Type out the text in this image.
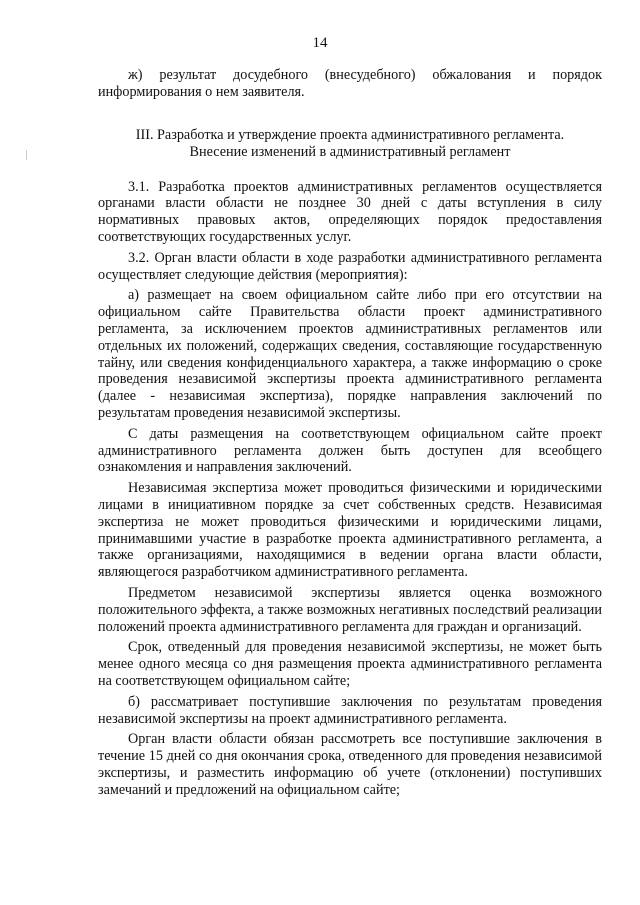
14

ж) результат досудебного (внесудебного) обжалования и порядок информирования о нем заявителя.

III. Разработка и утверждение проекта административного регламента. Внесение изменений в административный регламент

3.1. Разработка проектов административных регламентов осуществляется органами власти области не позднее 30 дней с даты вступления в силу нормативных правовых актов, определяющих порядок предоставления соответствующих государственных услуг.

3.2. Орган власти области в ходе разработки административного регламента осуществляет следующие действия (мероприятия):

а) размещает на своем официальном сайте либо при его отсутствии на официальном сайте Правительства области проект административного регламента, за исключением проектов административных регламентов или отдельных их положений, содержащих сведения, составляющие государственную тайну, или сведения конфиденциального характера, а также информацию о сроке проведения независимой экспертизы проекта административного регламента (далее - независимая экспертиза), порядке направления заключений по результатам проведения независимой экспертизы.

С даты размещения на соответствующем официальном сайте проект административного регламента должен быть доступен для всеобщего ознакомления и направления заключений.

Независимая экспертиза может проводиться физическими и юридическими лицами в инициативном порядке за счет собственных средств. Независимая экспертиза не может проводиться физическими и юридическими лицами, принимавшими участие в разработке проекта административного регламента, а также организациями, находящимися в ведении органа власти области, являющегося разработчиком административного регламента.

Предметом независимой экспертизы является оценка возможного положительного эффекта, а также возможных негативных последствий реализации положений проекта административного регламента для граждан и организаций.

Срок, отведенный для проведения независимой экспертизы, не может быть менее одного месяца со дня размещения проекта административного регламента на соответствующем официальном сайте;

б) рассматривает поступившие заключения по результатам проведения независимой экспертизы на проект административного регламента.

Орган власти области обязан рассмотреть все поступившие заключения в течение 15 дней со дня окончания срока, отведенного для проведения независимой экспертизы, и разместить информацию об учете (отклонении) поступивших замечаний и предложений на официальном сайте;
